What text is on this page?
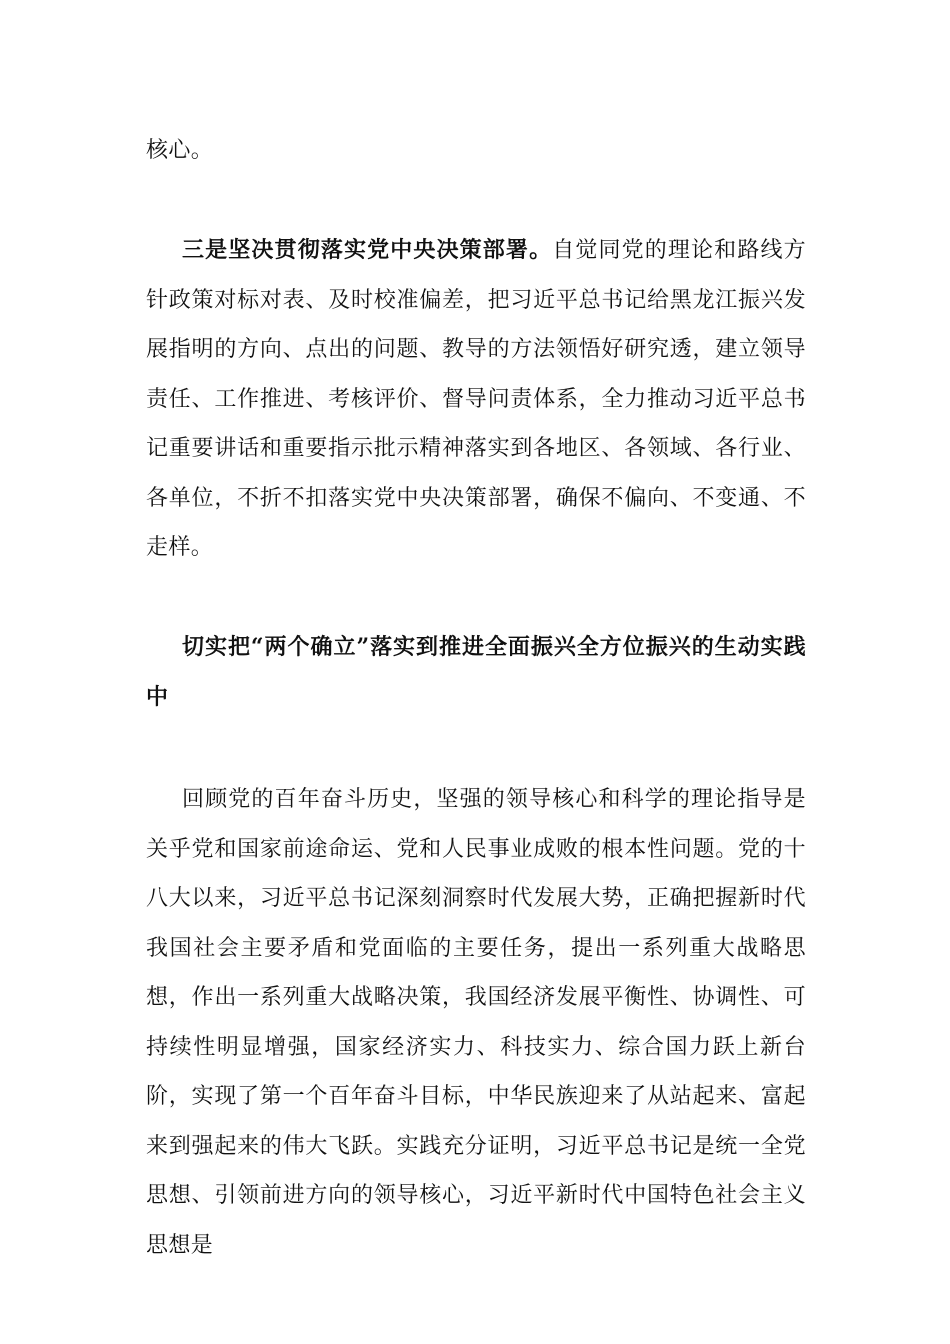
核心。

三是坚决贯彻落实党中央决策部署。自觉同党的理论和路线方针政策对标对表、及时校准偏差，把习近平总书记给黑龙江振兴发展指明的方向、点出的问题、教导的方法领悟好研究透，建立领导责任、工作推进、考核评价、督导问责体系，全力推动习近平总书记重要讲话和重要指示批示精神落实到各地区、各领域、各行业、各单位，不折不扣落实党中央决策部署，确保不偏向、不变通、不走样。

切实把“两个确立”落实到推进全面振兴全方位振兴的生动实践中

回顾党的百年奋斗历史，坚强的领导核心和科学的理论指导是关乎党和国家前途命运、党和人民事业成败的根本性问题。党的十八大以来，习近平总书记深刻洞察时代发展大势，正确把握新时代我国社会主要矛盾和党面临的主要任务，提出一系列重大战略思想，作出一系列重大战略决策，我国经济发展平衡性、协调性、可持续性明显增强，国家经济实力、科技实力、综合国力跃上新台阶，实现了第一个百年奋斗目标，中华民族迎来了从站起来、富起来到强起来的伟大飞跃。实践充分证明，习近平总书记是统一全党思想、引领前进方向的领导核心，习近平新时代中国特色社会主义思想是
